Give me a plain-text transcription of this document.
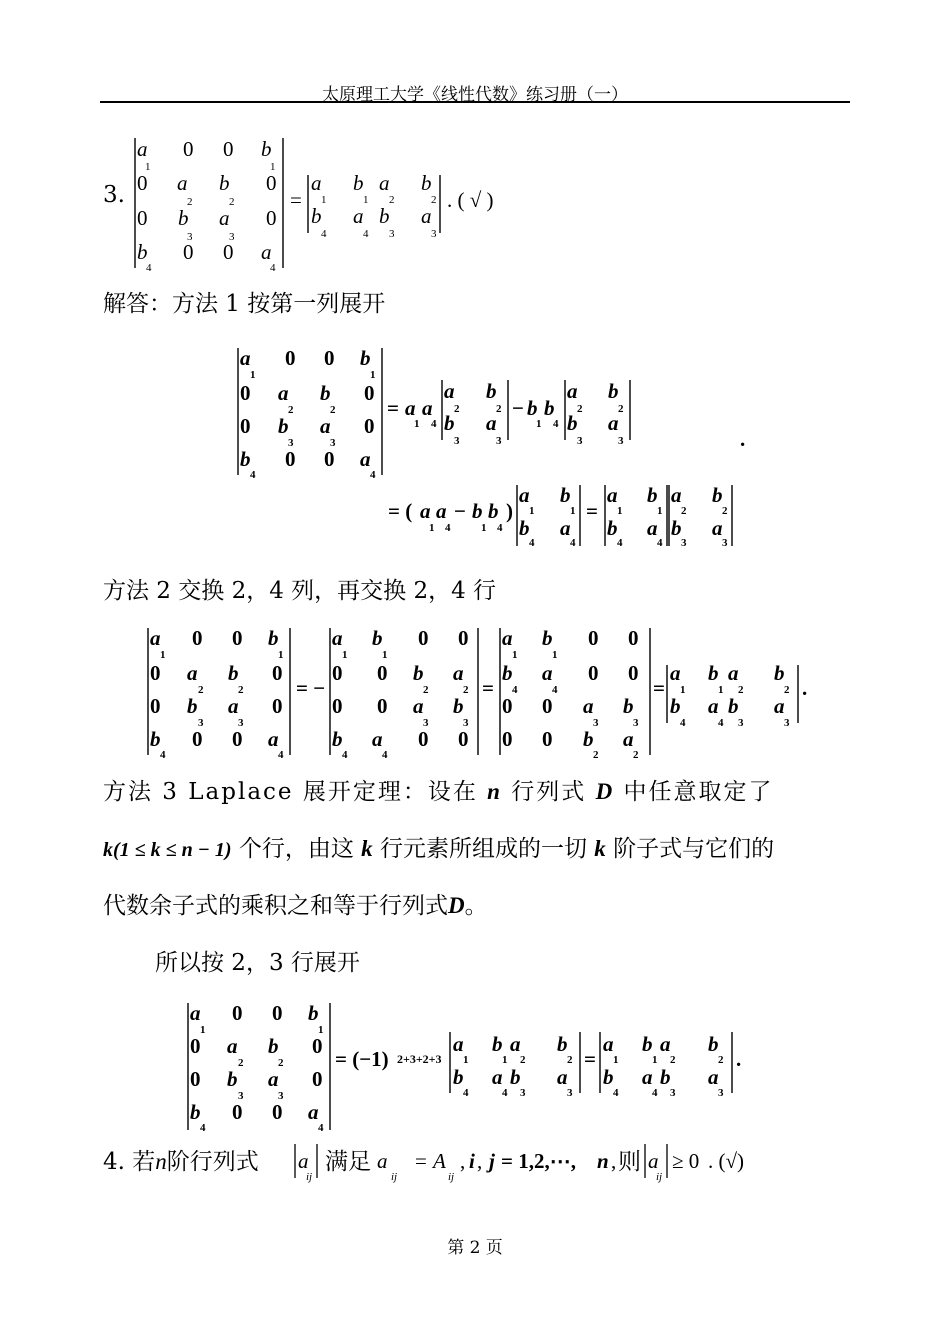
太原理工大学《线性代数》练习册（一）
3.
a
1
0 0 b
1
0 a
2
b
2
0
0 b
3
a
3
0
b
4
0 0 a
4
=
a
1
b
1
a
2
b
2
b
4
a
4
b
3
a
3
. ( √ )
解答：方法 1 按第一列展开
a
1
0 0 b
1
0 a
2
b
2
0
0 b
3
a
3
0
b
4
0 0 a
4
= a
1
a
4
a
2
b
2
b
3
a
3
− b
1
b
4
a
2
b
2
b
3
a
3	.
= ( a
1
a
4
− b
1
b
4
)
a
1
b
1
b
4
a
4
=
a
1
b
1
b
4
a
4
a
2
b
2
b
3
a
3
方法 2 交换 2，4 列，再交换 2，4 行
a
1
0 0 b
1
0 a
2
b
2
0
0 b
3
a
3
0
b
4
0 0 a
4
= −
a
1
b
1
0 0
0 0 b
2
a
2
0 0 a
3
b
3
b
4
a
4
0 0
=
a
1
b
1
0 0
b
4
a
4
0 0
0 0 a
3
b
3
0 0 b
2
a
2
=
a
1
b
1
a
2
b
2
b
4
a
4
b
3
a
3
.
方法 3 Laplace 展开定理：设在 n 行列式 D 中任意取定了
k(1 ≤ k ≤ n − 1) 个行，由这 k 行元素所组成的一切 k 阶子式与它们的
代数余子式的乘积之和等于行列式D。
所以按 2，3 行展开
a
1
0 0 b
1
0 a
2
b
2
0
0 b
3
a
3
0
b
4
0 0 a
4
= (−1) 2+3+2+3
a
1
b
1
a
2
b
2
b
4
a
4
b
3
a
3
=
a
1
b
1
a
2
b
2
b
4
a
4
b
3
a
3
.
4. 若n阶行列式 a
ij
满足 a
ij
= A
ij
, i , j = 1,2,⋯, n , 则 a
ij
≥ 0 . (√)
第 2 页
